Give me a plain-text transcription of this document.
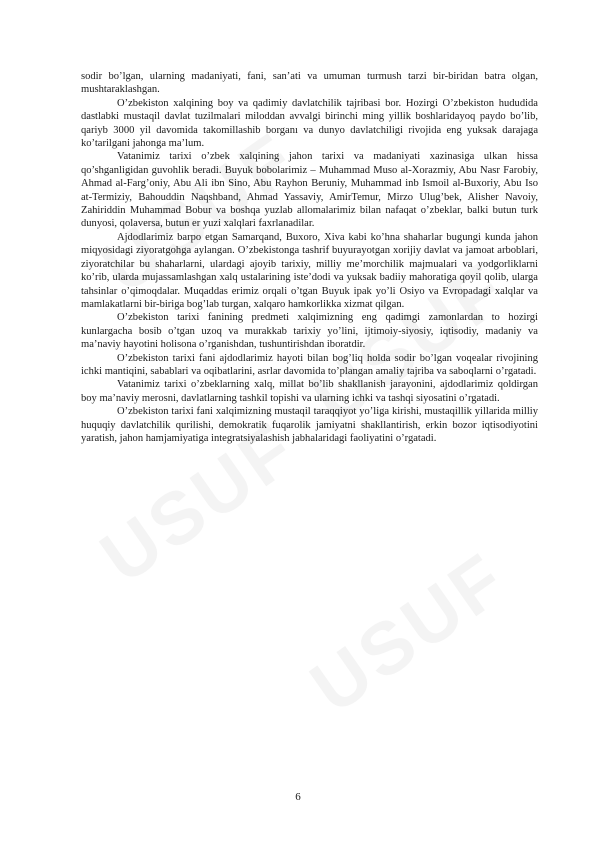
sodir bo’lgan, ularning madaniyati, fani, san’ati va umuman turmush tarzi bir-biridan batra olgan, mushtaraklashgan.

O’zbekiston xalqining boy va qadimiy davlatchilik tajribasi bor. Hozirgi O’zbekiston hududida dastlabki mustaqil davlat tuzilmalari miloddan avvalgi birinchi ming yillik boshlaridayoq paydo bo’lib, qariyb 3000 yil davomida takomillashib borganı va dunyo davlatchiligi rivojida eng yuksak darajaga ko’tarilgani jahonga ma’lum.

Vatanimiz tarixi o’zbek xalqining jahon tarixi va madaniyati xazinasiga ulkan hissa qo’shganligidan guvohlik beradi. Buyuk bobolarimiz – Muhammad Muso al-Xorazmiy, Abu Nasr Farobiy, Ahmad al-Farg’oniy, Abu Ali ibn Sino, Abu Rayhon Beruniy, Muhammad inb Ismoil al-Buxoriy, Abu Iso at-Termiziy, Bahouddin Naqshband, Ahmad Yassaviy, AmirTemur, Mirzo Ulug’bek, Alisher Navoiy, Zahiriddin Muhammad Bobur va boshqa yuzlab allomalarimiz bilan nafaqat o’zbeklar, balki butun turk dunyosi, qolaversa, butun er yuzi xalqlari faxrlanadilar.

Ajdodlarimiz barpo etgan Samarqand, Buxoro, Xiva kabi ko’hna shaharlar bugungi kunda jahon miqyosidagi ziyoratgohga aylangan. O’zbekistonga tashrif buyurayotgan xorijiy davlat va jamoat arboblari, ziyoratchilar bu shaharlarni, ulardagi ajoyib tarixiy, milliy me’morchilik majmualari va yodgorliklarni ko’rib, ularda mujassamlashgan xalq ustalarining iste’dodi va yuksak badiiy mahoratiga qoyil qolib, ularga tahsinlar o’qimoqdalar. Muqaddas erimiz orqali o’tgan Buyuk ipak yo’li Osiyo va Evropadagi xalqlar va mamlakatlarni bir-biriga bog’lab turgan, xalqaro hamkorlikka xizmat qilgan.

O’zbekiston tarixi fanining predmeti xalqimizning eng qadimgi zamonlardan to hozirgi kunlargacha bosib o’tgan uzoq va murakkab tarixiy yo’lini, ijtimoiy-siyosiy, iqtisodiy, madaniy va ma’naviy hayotini holisona o’rganishdan, tushuntirishdan iboratdir.

O’zbekiston tarixi fani ajdodlarimiz hayoti bilan bog’liq holda sodir bo’lgan voqealar rivojining ichki mantiqini, sabablari va oqibatlarini, asrlar davomida to’plangan amaliy tajriba va saboqlarni o’rgatadi.

Vatanimiz tarixi o’zbeklarning xalq, millat bo’lib shakllanish jarayonini, ajdodlarimiz qoldirgan boy ma’naviy merosni, davlatlarning tashkil topishi va ularning ichki va tashqi siyosatini o’rgatadi.

O’zbekiston tarixi fani xalqimizning mustaqil taraqqiyot yo’liga kirishi, mustaqillik yillarida milliy huquqiy davlatchilik qurilishi, demokratik fuqarolik jamiyatni shakllantirish, erkin bozor iqtisodiyotini yaratish, jahon hamjamiyatiga integratsiyalashish jabhalaridagi faoliyatini o’rgatadi.

6
